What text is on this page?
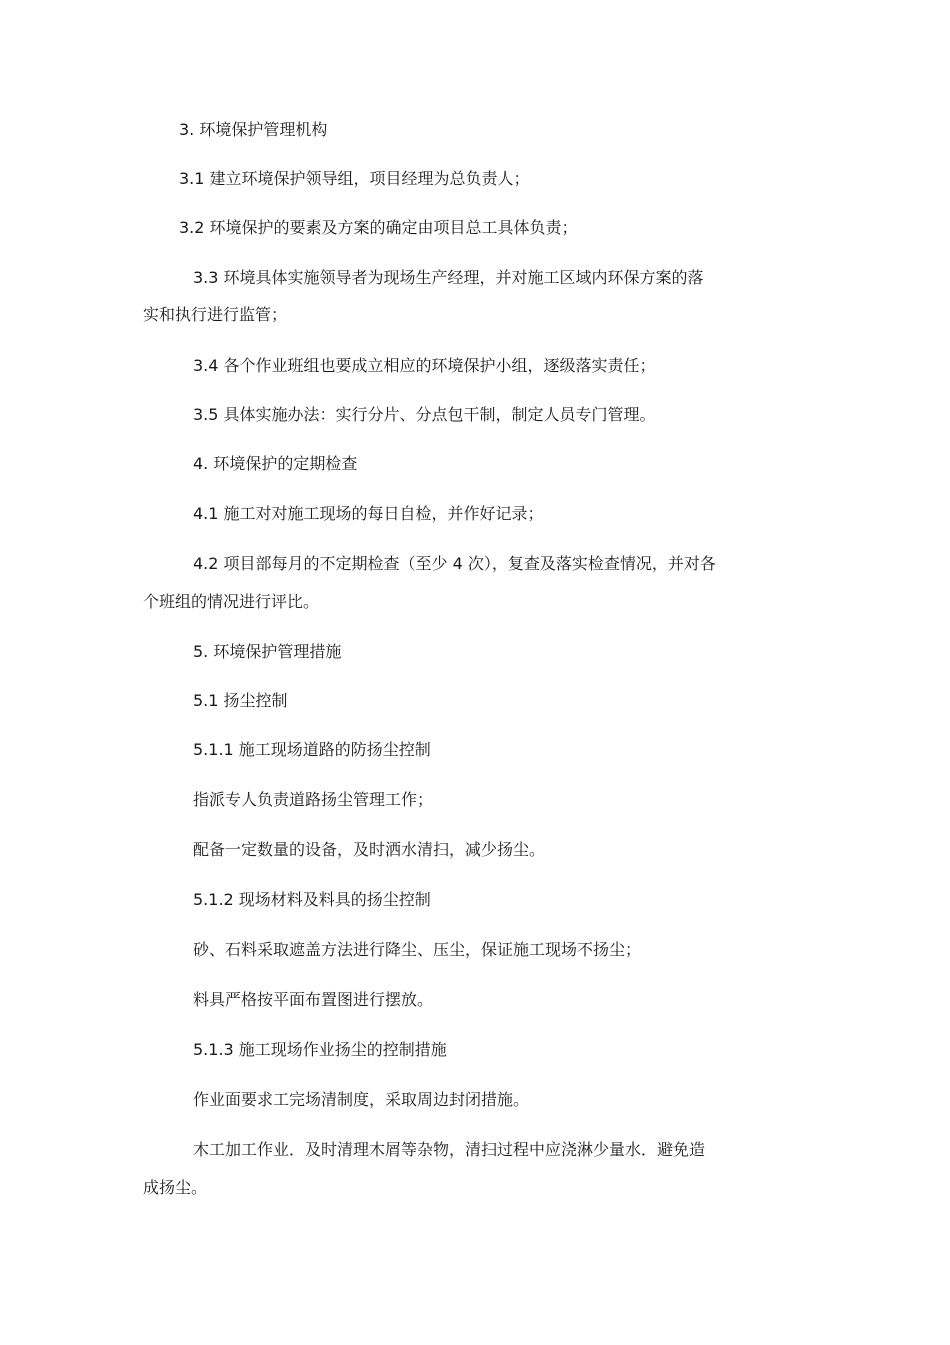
3. 环境保护管理机构
3.1 建立环境保护领导组，项目经理为总负责人；
3.2 环境保护的要素及方案的确定由项目总工具体负责；
3.3 环境具体实施领导者为现场生产经理，并对施工区域内环保方案的落
实和执行进行监管；
3.4 各个作业班组也要成立相应的环境保护小组，逐级落实责任；
3.5 具体实施办法：实行分片、分点包干制，制定人员专门管理。
4. 环境保护的定期检查
4.1 施工对对施工现场的每日自检，并作好记录；
4.2 项目部每月的不定期检查（至少 4 次），复查及落实检查情况，并对各
个班组的情况进行评比。
5. 环境保护管理措施
5.1 扬尘控制
5.1.1 施工现场道路的防扬尘控制
指派专人负责道路扬尘管理工作；
配备一定数量的设备，及时洒水清扫，减少扬尘。
5.1.2 现场材料及料具的扬尘控制
砂、石料采取遮盖方法进行降尘、压尘，保证施工现场不扬尘；
料具严格按平面布置图进行摆放。
5.1.3 施工现场作业扬尘的控制措施
作业面要求工完场清制度，采取周边封闭措施。
木工加工作业．及时清理木屑等杂物，清扫过程中应浇淋少量水．避免造
成扬尘。
